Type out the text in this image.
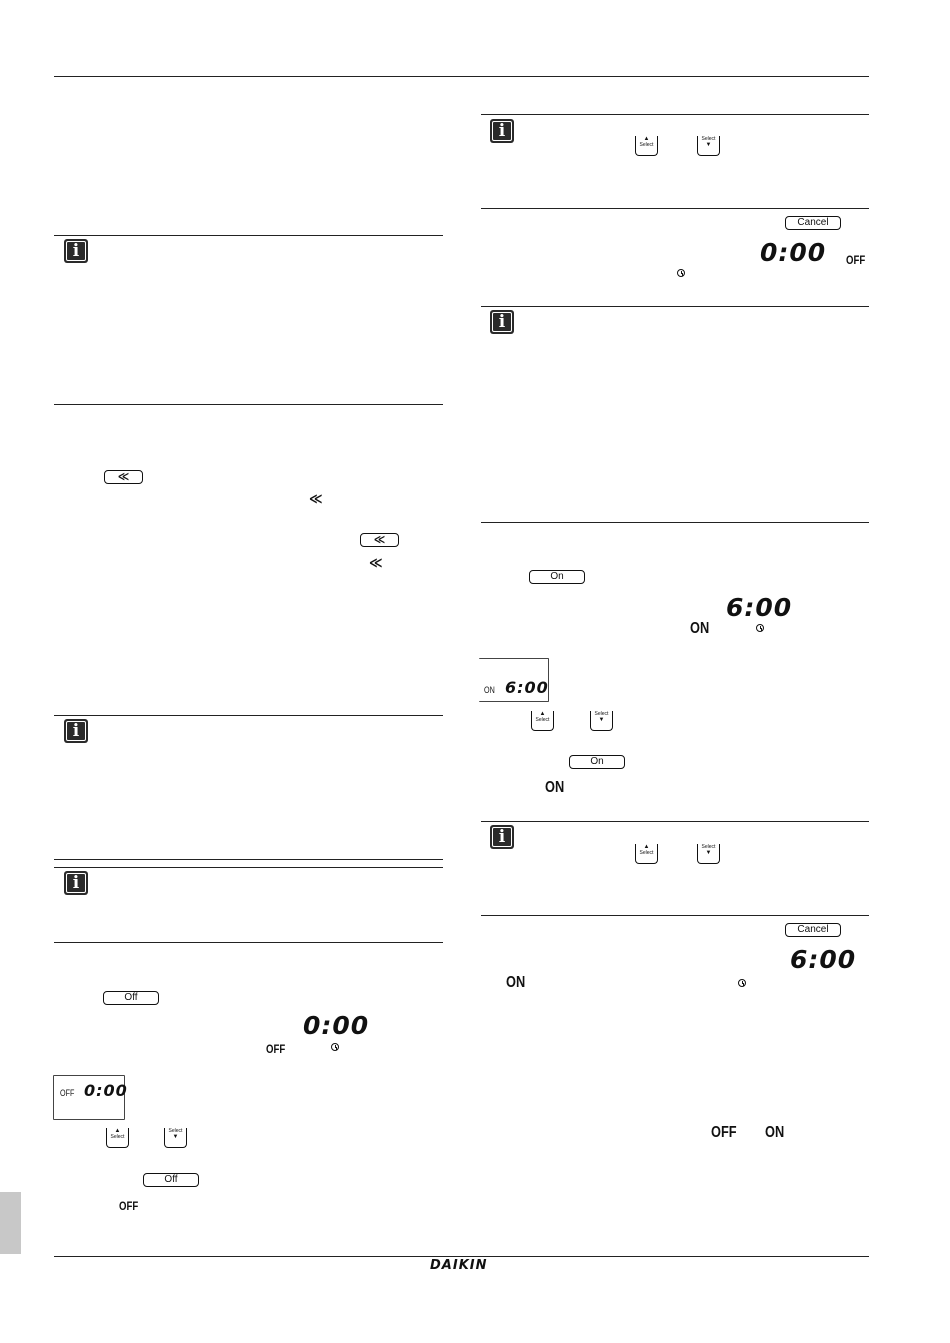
i
≪
≪
≪
≪
i
i
Off
0:00
OFF
OFF 0:00
▲
Select
Select
▼
Off
OFF
i	▲
Select
Select
▼
Cancel
0:00 OFF
i
On
6:00
ON
ON 6:00
▲
Select
Select
▼
On
ON
i	▲
Select
Select
▼
Cancel
6:00
ON
OFF ON
DAIKIN
